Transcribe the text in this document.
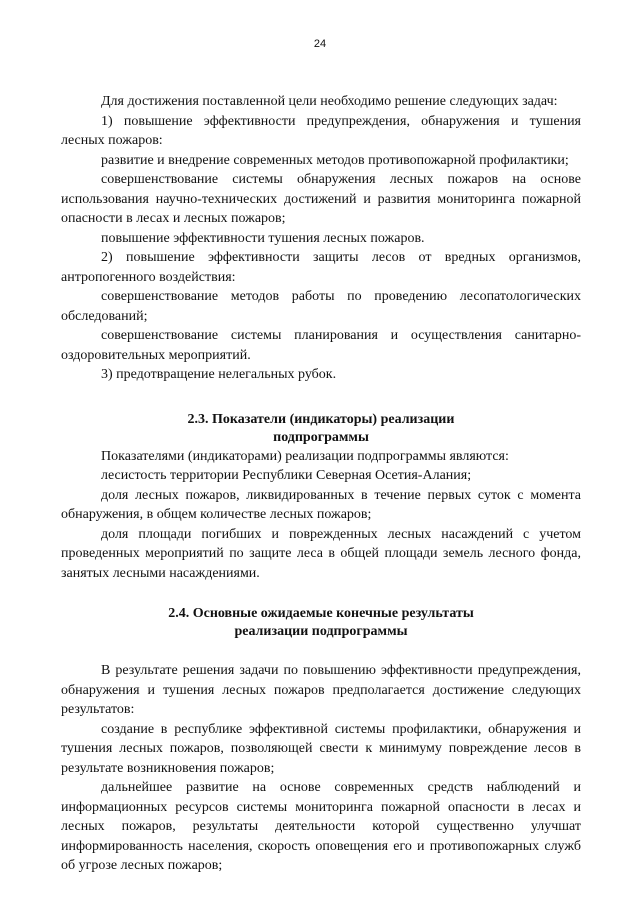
24

Для достижения поставленной цели необходимо решение следующих задач:

1) повышение эффективности предупреждения, обнаружения и тушения лесных пожаров:

развитие и внедрение современных методов противопожарной профилактики;

совершенствование системы обнаружения лесных пожаров на основе использования научно-технических достижений и развития мониторинга пожарной опасности в лесах и лесных пожаров;

повышение эффективности тушения лесных пожаров.

2) повышение эффективности защиты лесов от вредных организмов, антропогенного воздействия:

совершенствование методов работы по проведению лесопатологических обследований;

совершенствование системы планирования и осуществления санитарно-оздоровительных мероприятий.

3) предотвращение нелегальных рубок.

2.3. Показатели (индикаторы) реализации
подпрограммы

Показателями (индикаторами) реализации подпрограммы являются:

лесистость территории Республики Северная Осетия-Алания;

доля лесных пожаров, ликвидированных в течение первых суток с момента обнаружения, в общем количестве лесных пожаров;

доля площади погибших и поврежденных лесных насаждений с учетом проведенных мероприятий по защите леса в общей площади земель лесного фонда, занятых лесными насаждениями.

2.4. Основные ожидаемые конечные результаты
реализации подпрограммы

В результате решения задачи по повышению эффективности предупреждения, обнаружения и тушения лесных пожаров предполагается достижение следующих результатов:

создание в республике эффективной системы профилактики, обнаружения и тушения лесных пожаров, позволяющей свести к минимуму повреждение лесов в результате возникновения пожаров;

дальнейшее развитие на основе современных средств наблюдений и информационных ресурсов системы мониторинга пожарной опасности в лесах и лесных пожаров, результаты деятельности которой существенно улучшат информированность населения, скорость оповещения его и противопожарных служб об угрозе лесных пожаров;
